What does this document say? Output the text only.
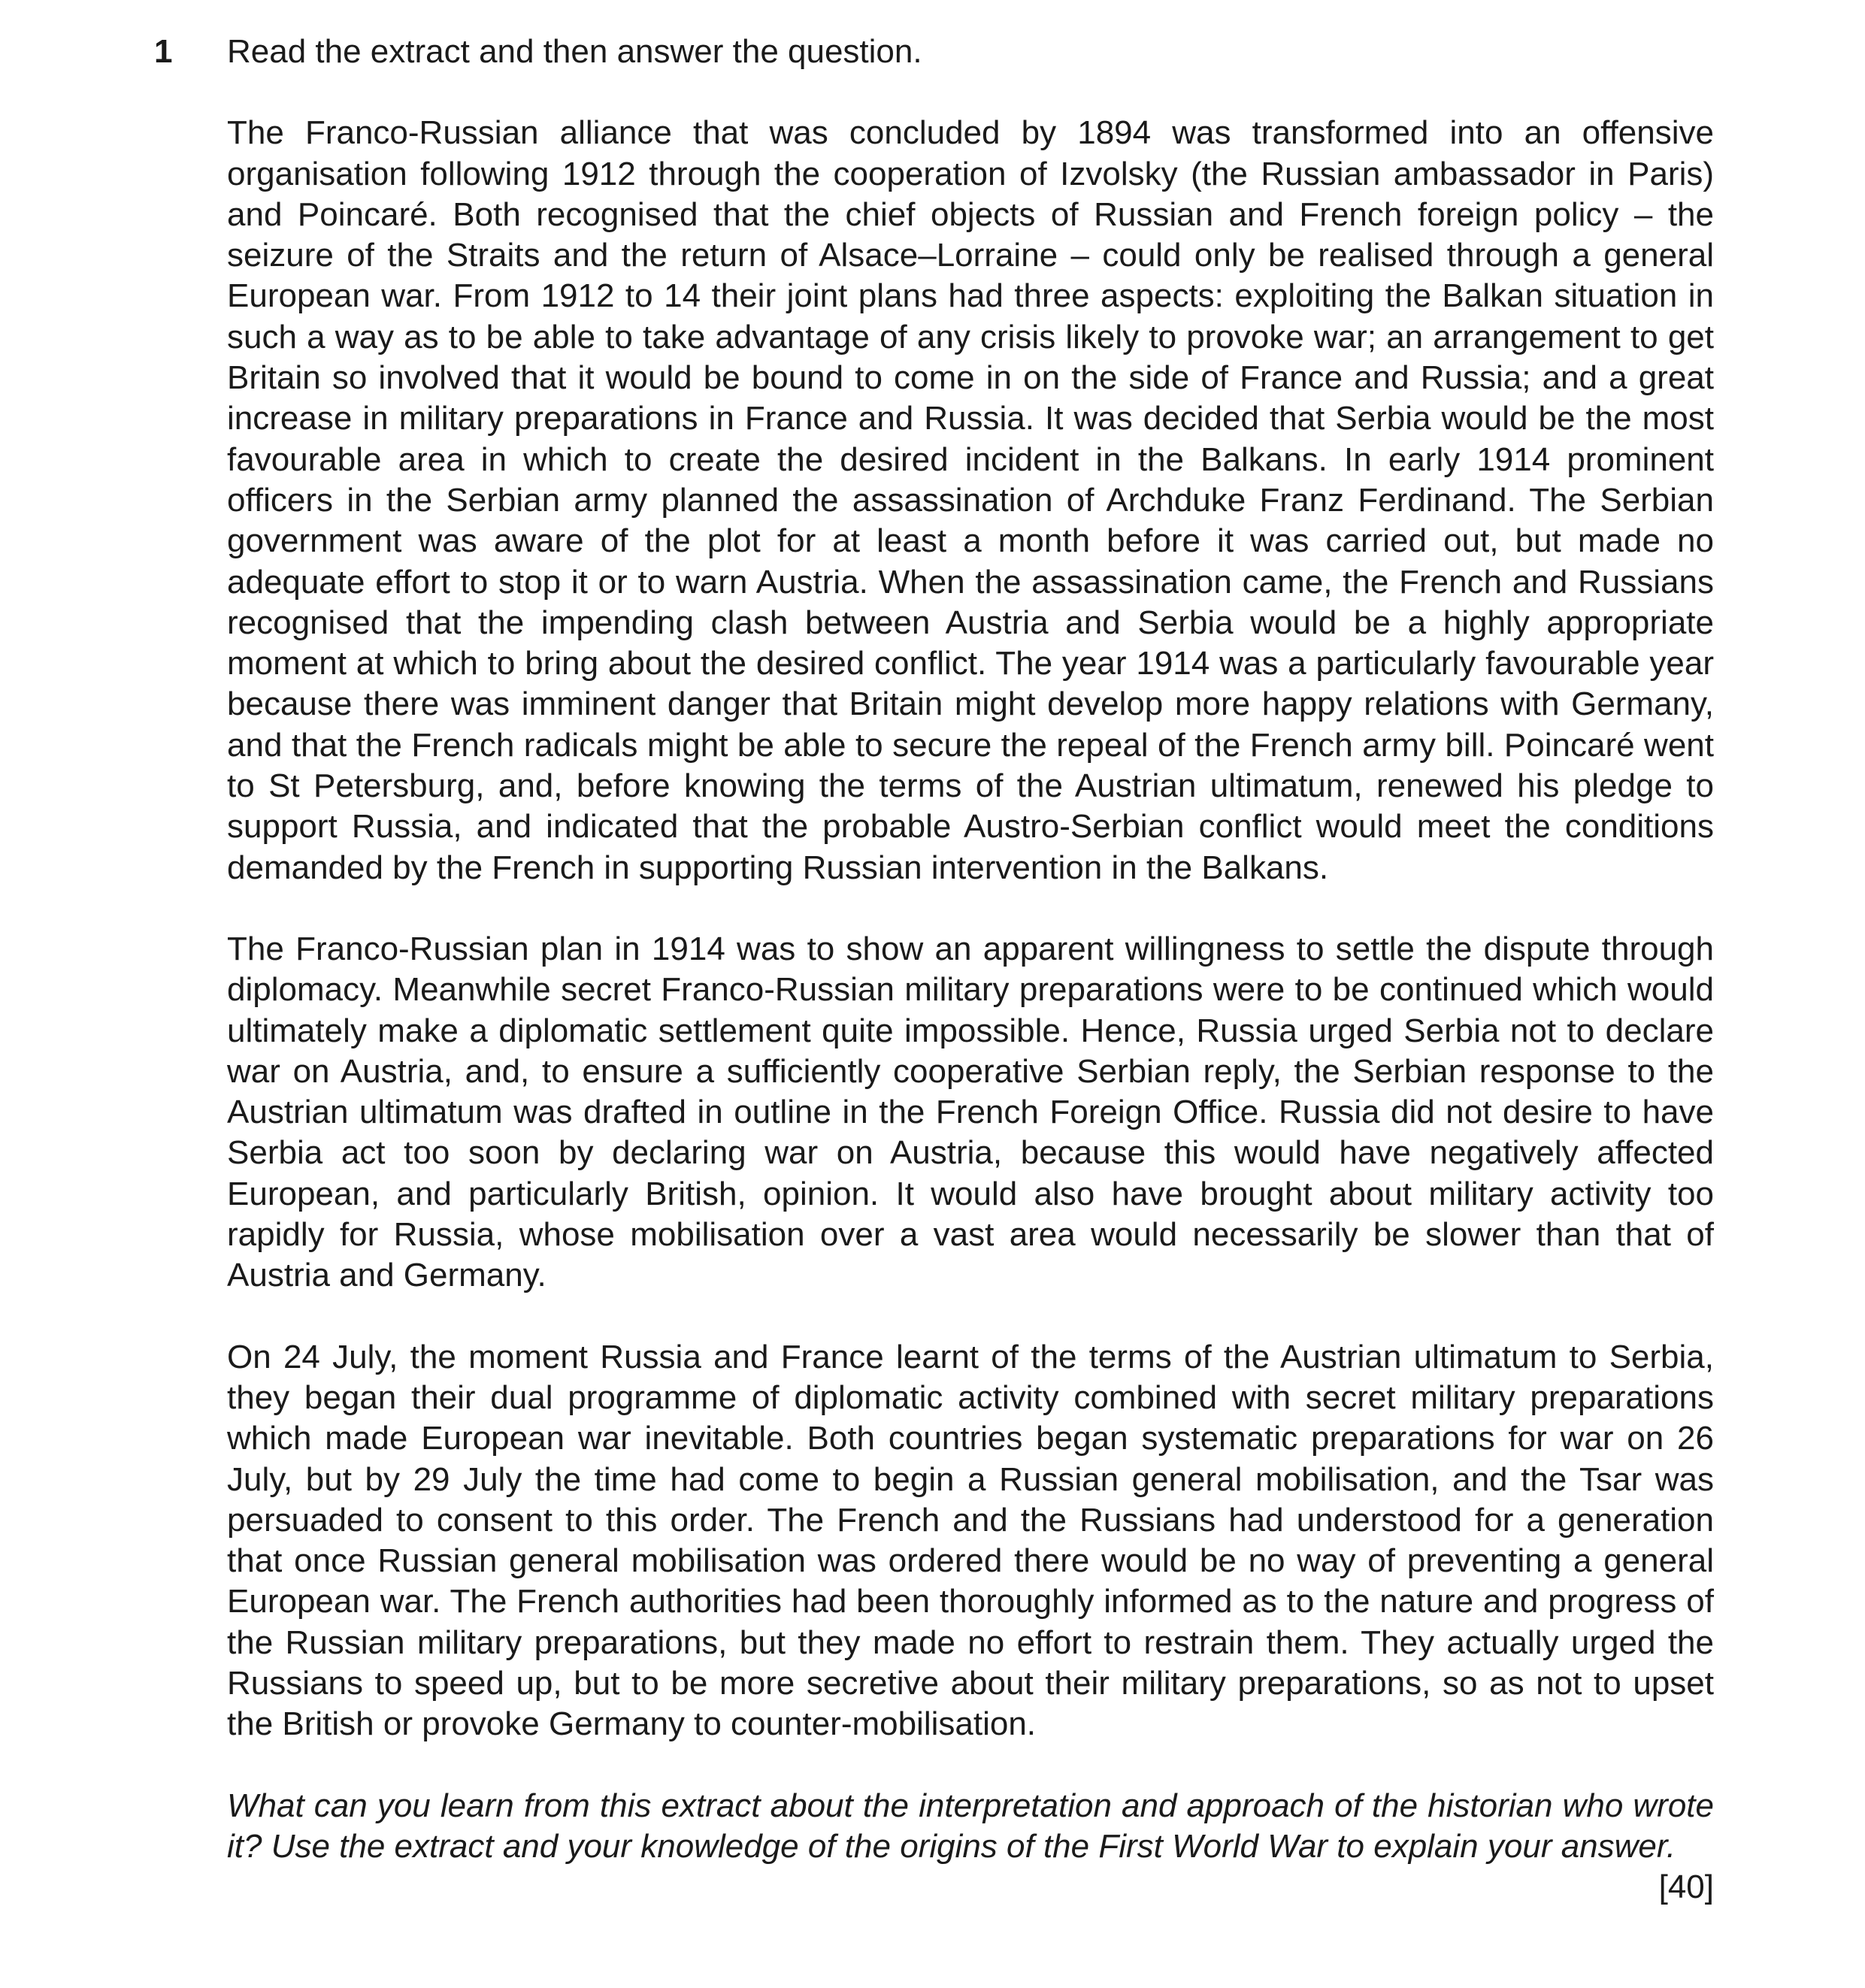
1 Read the extract and then answer the question.

The Franco-Russian alliance that was concluded by 1894 was transformed into an offensive organisation following 1912 through the cooperation of Izvolsky (the Russian ambassador in Paris) and Poincaré. Both recognised that the chief objects of Russian and French foreign policy – the seizure of the Straits and the return of Alsace–Lorraine – could only be realised through a general European war. From 1912 to 14 their joint plans had three aspects: exploiting the Balkan situation in such a way as to be able to take advantage of any crisis likely to provoke war; an arrangement to get Britain so involved that it would be bound to come in on the side of France and Russia; and a great increase in military preparations in France and Russia. It was decided that Serbia would be the most favourable area in which to create the desired incident in the Balkans. In early 1914 prominent officers in the Serbian army planned the assassination of Archduke Franz Ferdinand. The Serbian government was aware of the plot for at least a month before it was carried out, but made no adequate effort to stop it or to warn Austria. When the assassination came, the French and Russians recognised that the impending clash between Austria and Serbia would be a highly appropriate moment at which to bring about the desired conflict. The year 1914 was a particularly favourable year because there was imminent danger that Britain might develop more happy relations with Germany, and that the French radicals might be able to secure the repeal of the French army bill. Poincaré went to St Petersburg, and, before knowing the terms of the Austrian ultimatum, renewed his pledge to support Russia, and indicated that the probable Austro-Serbian conflict would meet the conditions demanded by the French in supporting Russian intervention in the Balkans.

The Franco-Russian plan in 1914 was to show an apparent willingness to settle the dispute through diplomacy. Meanwhile secret Franco-Russian military preparations were to be continued which would ultimately make a diplomatic settlement quite impossible. Hence, Russia urged Serbia not to declare war on Austria, and, to ensure a sufficiently cooperative Serbian reply, the Serbian response to the Austrian ultimatum was drafted in outline in the French Foreign Office. Russia did not desire to have Serbia act too soon by declaring war on Austria, because this would have negatively affected European, and particularly British, opinion. It would also have brought about military activity too rapidly for Russia, whose mobilisation over a vast area would necessarily be slower than that of Austria and Germany.

On 24 July, the moment Russia and France learnt of the terms of the Austrian ultimatum to Serbia, they began their dual programme of diplomatic activity combined with secret military preparations which made European war inevitable. Both countries began systematic preparations for war on 26 July, but by 29 July the time had come to begin a Russian general mobilisation, and the Tsar was persuaded to consent to this order. The French and the Russians had understood for a generation that once Russian general mobilisation was ordered there would be no way of preventing a general European war. The French authorities had been thoroughly informed as to the nature and progress of the Russian military preparations, but they made no effort to restrain them. They actually urged the Russians to speed up, but to be more secretive about their military preparations, so as not to upset the British or provoke Germany to counter-mobilisation.

What can you learn from this extract about the interpretation and approach of the historian who wrote it? Use the extract and your knowledge of the origins of the First World War to explain your answer.
[40]
